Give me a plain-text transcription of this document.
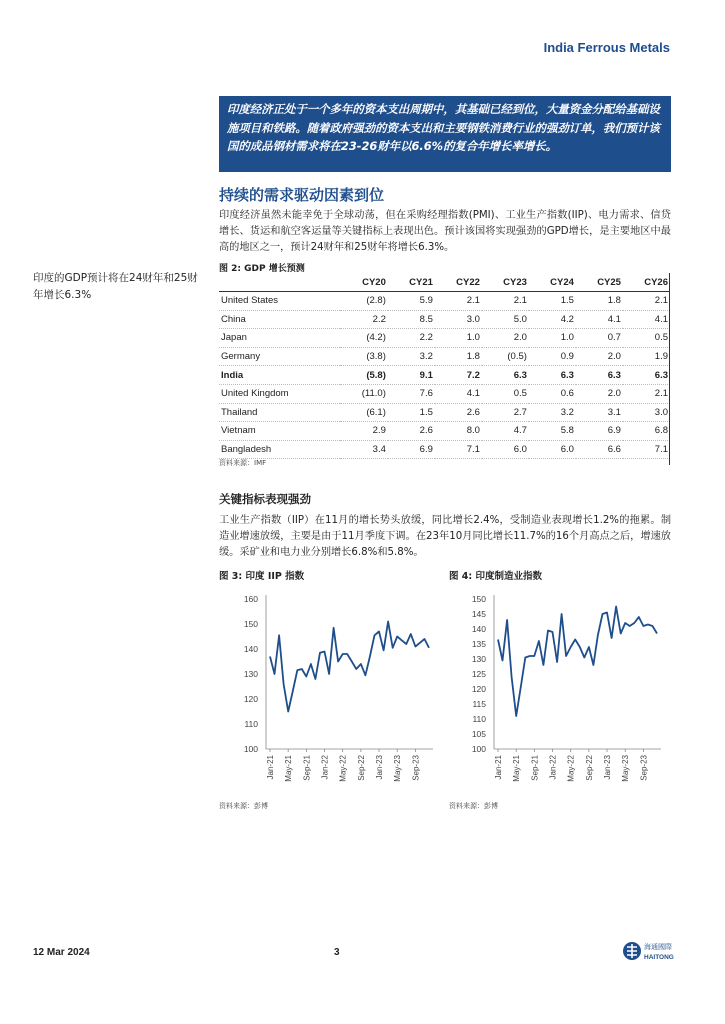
India Ferrous Metals
印度经济正处于一个多年的资本支出周期中，其基础已经到位，大量资金分配给基础设施项目和铁路。随着政府强劲的资本支出和主要钢铁消费行业的强劲订单，我们预计该国的成品钢材需求将在23-26财年以6.6%的复合年增长率增长。
持续的需求驱动因素到位
印度经济虽然未能幸免于全球动荡，但在采购经理指数(PMI)、工业生产指数(IIP)、电力需求、信贷增长、货运和航空客运量等关键指标上表现出色。预计该国将实现强劲的GPD增长，是主要地区中最高的地区之一，预计24财年和25财年将增长6.3%。
印度的GDP预计将在24财年和25财年增长6.3%
图 2: GDP 增长预测
	CY20	CY21	CY22	CY23	CY24	CY25	CY26
United States	(2.8)	5.9	2.1	2.1	1.5	1.8	2.1
China	2.2	8.5	3.0	5.0	4.2	4.1	4.1
Japan	(4.2)	2.2	1.0	2.0	1.0	0.7	0.5
Germany	(3.8)	3.2	1.8	(0.5)	0.9	2.0	1.9
India	(5.8)	9.1	7.2	6.3	6.3	6.3	6.3
United Kingdom	(11.0)	7.6	4.1	0.5	0.6	2.0	2.1
Thailand	(6.1)	1.5	2.6	2.7	3.2	3.1	3.0
Vietnam	2.9	2.6	8.0	4.7	5.8	6.9	6.8
Bangladesh	3.4	6.9	7.1	6.0	6.0	6.6	7.1
资料来源：IMF
关键指标表现强劲
工业生产指数（IIP）在11月的增长势头放缓，同比增长2.4%，受制造业表现增长1.2%的拖累。制造业增速放缓，主要是由于11月季度下调。在23年10月同比增长11.7%的16个月高点之后，增速放缓。采矿业和电力业分别增长6.8%和5.8%。
图 3: 印度 IIP 指数	图 4: 印度制造业指数
100
110
120
130
140
150
160
Jan-21 May-21 Sep-21 Jan-22 May-22 Sep-22 Jan-23 May-23 Sep-23
100
105
110
115
120
125
130
135
140
145
150
Jan-21 May-21 Sep-21 Jan-22 May-22 Sep-22 Jan-23 May-23 Sep-23
资料来源：彭博	资料来源：彭博
12 Mar 2024	3	海通國際
HAITONG
